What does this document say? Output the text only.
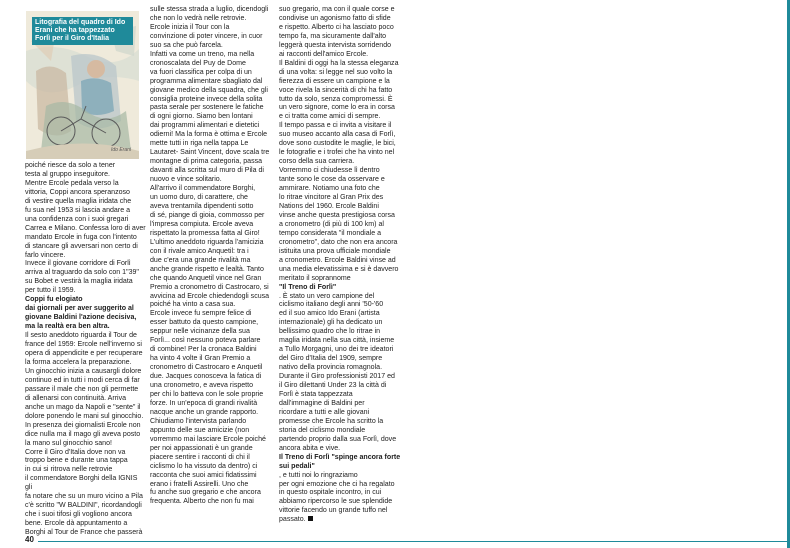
Litografia del quadro di Ido Erani che ha tappezzato Forlì per il Giro d'Italia
Ido Erani

poiché riesce da solo a tener

testa al gruppo inseguitore.

Mentre Ercole pedala verso la

vittoria, Coppi ancora speranzoso

di vestire quella maglia iridata che

fu sua nel 1953 si lascia andare a

una confidenza con i suoi gregari

Carrea e Milano. Confessa loro di aver

mandato Ercole in fuga con l'intento

di stancare gli avversari non certo di

farlo vincere.

Invece il giovane corridore di Forlì

arriva al traguardo da solo con 1"39"

su Bobet e vestirà la maglia iridata

per tutto il 1959.

Coppi fu elogiato

dai giornali per aver suggerito al

giovane Baldini l'azione decisiva,

ma la realtà era ben altra.

Il sesto aneddoto riguarda il Tour de

france del 1959: Ercole nell'inverno si

opera di appendicite e per recuperare

la forma accelera la preparazione.

Un ginocchio inizia a causargli dolore

continuo ed in tutti i modi cerca di far

passare il male che non gli permette

di allenarsi con continuità. Arriva

anche un mago da Napoli e "sente" il

dolore ponendo le mani sul ginocchio.

In presenza dei giornalisti Ercole non

dice nulla ma il mago gli aveva posto

la mano sul ginocchio sano!

Corre il Giro d'Italia dove non va

troppo bene e durante una tappa

in cui si ritrova nelle retrovie

il commendatore Borghi della IGNIS gli

fa notare che su un muro vicino a Pila

c'è scritto "W BALDINI", ricordandogli

che i suoi tifosi gli vogliono ancora

bene. Ercole dà appuntamento a

Borghi al Tour de France che passerà

sulle stessa strada a luglio, dicendogli

che non lo vedrà nelle retrovie.

Ercole inizia il Tour con la

convinzione di poter vincere, in cuor

suo sa che può farcela.

Infatti va come un treno, ma nella

cronoscalata del Puy de Dome

va fuori classifica per colpa di un

programma alimentare sbagliato dal

giovane medico della squadra, che gli

consiglia proteine invece della solita

pasta serale per sostenere le fatiche

di ogni giorno. Siamo ben lontani

dai programmi alimentari e dietetici

odierni! Ma la forma è ottima e Ercole

mette tutti in riga nella tappa Le

Lautaret- Saint Vincent, dove scala tre

montagne di prima categoria, passa

davanti alla scritta sul muro di Pila di

nuovo e vince solitario.

All'arrivo il commendatore Borghi,

un uomo duro, di carattere, che

aveva trentamila dipendenti sotto

di sé, piange di gioia, commosso per

l'impresa compiuta. Ercole aveva

rispettato la promessa fatta al Giro!

L'ultimo aneddoto riguarda l'amicizia

con il rivale amico Anquetil: tra i

due c'era una grande rivalità ma

anche grande rispetto e lealtà. Tanto

che quando Anquetil vince nel Gran

Premio a cronometro di Castrocaro, si

avvicina ad Ercole chiedendogli scusa

poiché ha vinto a casa sua.

Ercole invece fu sempre felice di

esser battuto da questo campione,

seppur nelle vicinanze della sua

Forlì... così nessuno poteva parlare

di combine! Per la cronaca Baldini

ha vinto 4 volte il Gran Premio a

cronometro di Castrocaro e Anquetil

due. Jacques conosceva la fatica di

una cronometro, e aveva rispetto

per chi lo batteva con le sole proprie

forze. In un'epoca di grandi rivalità

nacque anche un grande rapporto.

Chiudiamo l'intervista parlando

appunto delle sue amicizie (non

vorremmo mai lasciare Ercole poiché

per noi appassionati è un grande

piacere sentire i racconti di chi il

ciclismo lo ha vissuto da dentro) ci

racconta che suoi amici fidatissimi

erano i fratelli Assirelli. Uno che

fu anche suo gregario e che ancora

frequenta. Alberto che non fu mai

suo gregario, ma con il quale corse e

condivise un agonismo fatto di sfide

e rispetto. Alberto ci ha lasciato poco

tempo fa, ma sicuramente dall'alto

leggerà questa intervista sorridendo

ai racconti dell'amico Ercole.

Il Baldini di oggi ha la stessa eleganza

di una volta: si legge nel suo volto la

fierezza di essere un campione e la

voce rivela la sincerità di chi ha fatto

tutto da solo, senza compromessi. È

un vero signore, come lo era in corsa

e ci tratta come amici di sempre.

Il tempo passa e ci invita a visitare il

suo museo accanto alla casa di Forlì,

dove sono custodite le maglie, le bici,

le fotografie e i trofei che ha vinto nel

corso della sua carriera.

Vorremmo ci chiudesse lì dentro

tante sono le cose da osservare e

ammirare. Notiamo una foto che

lo ritrae vincitore al Gran Prix des

Nations del 1960. Ercole Baldini

vinse anche questa prestigiosa corsa

a cronometro (di più di 100 km) al

tempo considerata "il mondiale a

cronometro", dato che non era ancora

istituita una prova ufficiale mondiale

a cronometro. Ercole Baldini vinse ad

una media elevatissima e si è davvero

meritato il soprannome

"Il Treno di Forlì"

. È stato un vero campione del

ciclismo italiano degli anni '50-'60

ed il suo amico Ido Erani (artista

internazionale) gli ha dedicato un

bellissimo quadro che lo ritrae in

maglia iridata nella sua città, insieme

a Tullo Morgagni, uno dei tre ideatori

del Giro d'Italia del 1909, sempre

nativo della provincia romagnola.

Durante il Giro professionisti 2017 ed

il Giro dilettanti Under 23 la città di

Forlì è stata tappezzata

dall'immagine di Baldini per

ricordare a tutti e alle giovani

promesse che Ercole ha scritto la

storia del ciclismo mondiale

partendo proprio dalla sua Forlì, dove

ancora abita e vive.

Il Treno di Forlì "spinge ancora forte sui pedali"

, e tutti noi lo ringraziamo

per ogni emozione che ci ha regalato

in questo ospitale incontro, in cui

abbiamo ripercorso le sue splendide

vittorie facendo un grande tuffo nel

passato.

40
